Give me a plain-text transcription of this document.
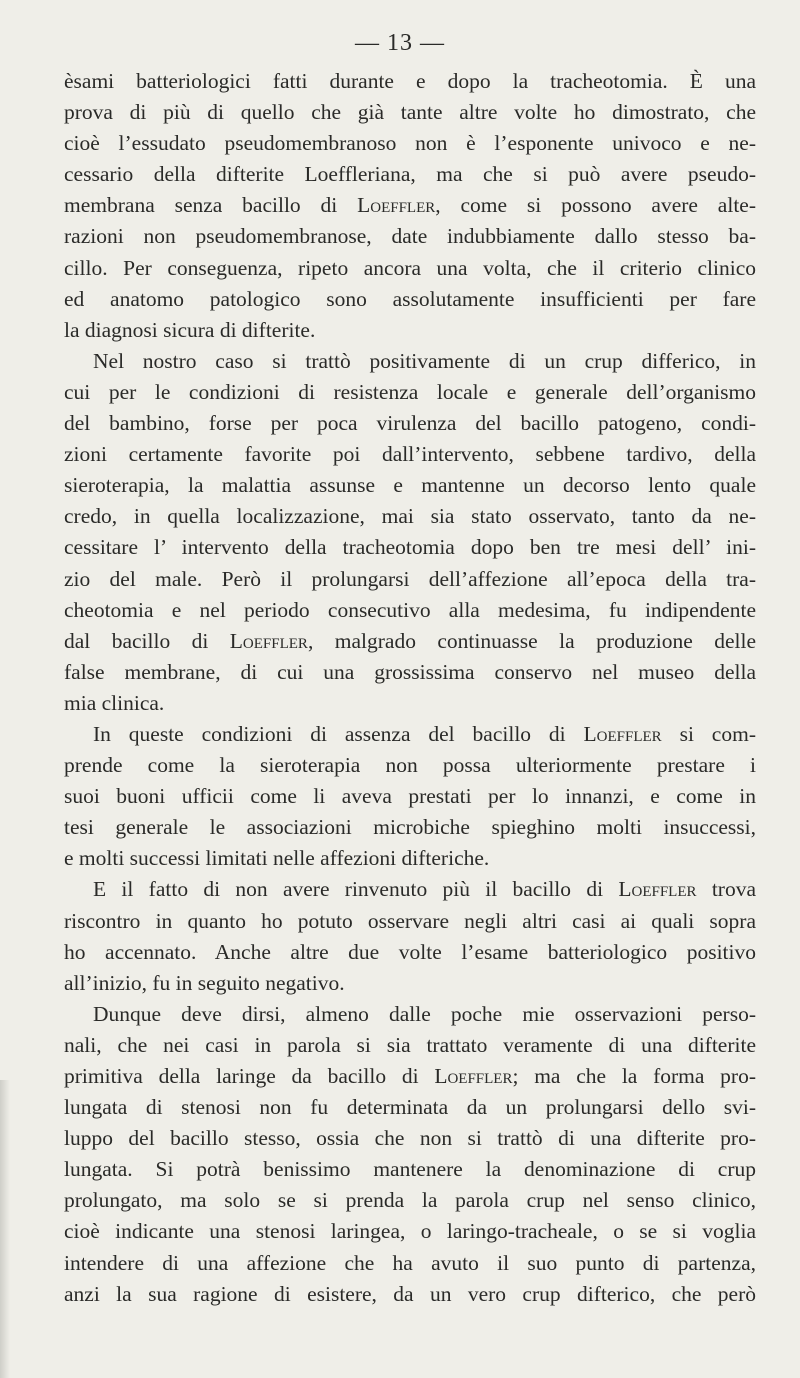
— 13 —
èsami batteriologici fatti durante e dopo la tracheotomia. È una
prova di più di quello che già tante altre volte ho dimostrato, che
cioè l’essudato pseudomembranoso non è l’esponente univoco e ne-
cessario della difterite Loeffleriana, ma che si può avere pseudo-
membrana senza bacillo di Loeffler, come si possono avere alte-
razioni non pseudomembranose, date indubbiamente dallo stesso ba-
cillo. Per conseguenza, ripeto ancora una volta, che il criterio clinico
ed anatomo patologico sono assolutamente insufficienti per fare
la diagnosi sicura di difterite.
Nel nostro caso si trattò positivamente di un crup differico, in
cui per le condizioni di resistenza locale e generale dell’organismo
del bambino, forse per poca virulenza del bacillo patogeno, condi-
zioni certamente favorite poi dall’intervento, sebbene tardivo, della
sieroterapia, la malattia assunse e mantenne un decorso lento quale
credo, in quella localizzazione, mai sia stato osservato, tanto da ne-
cessitare l’ intervento della tracheotomia dopo ben tre mesi dell’ ini-
zio del male. Però il prolungarsi dell’affezione all’epoca della tra-
cheotomia e nel periodo consecutivo alla medesima, fu indipendente
dal bacillo di Loeffler, malgrado continuasse la produzione delle
false membrane, di cui una grossissima conservo nel museo della
mia clinica.
In queste condizioni di assenza del bacillo di Loeffler si com-
prende come la sieroterapia non possa ulteriormente prestare i
suoi buoni ufficii come li aveva prestati per lo innanzi, e come in
tesi generale le associazioni microbiche spieghino molti insuccessi,
e molti successi limitati nelle affezioni difteriche.
E il fatto di non avere rinvenuto più il bacillo di Loeffler trova
riscontro in quanto ho potuto osservare negli altri casi ai quali sopra
ho accennato. Anche altre due volte l’esame batteriologico positivo
all’inizio, fu in seguito negativo.
Dunque deve dirsi, almeno dalle poche mie osservazioni perso-
nali, che nei casi in parola si sia trattato veramente di una difterite
primitiva della laringe da bacillo di Loeffler; ma che la forma pro-
lungata di stenosi non fu determinata da un prolungarsi dello svi-
luppo del bacillo stesso, ossia che non si trattò di una difterite pro-
lungata. Si potrà benissimo mantenere la denominazione di crup
prolungato, ma solo se si prenda la parola crup nel senso clinico,
cioè indicante una stenosi laringea, o laringo-tracheale, o se si voglia
intendere di una affezione che ha avuto il suo punto di partenza,
anzi la sua ragione di esistere, da un vero crup difterico, che però
